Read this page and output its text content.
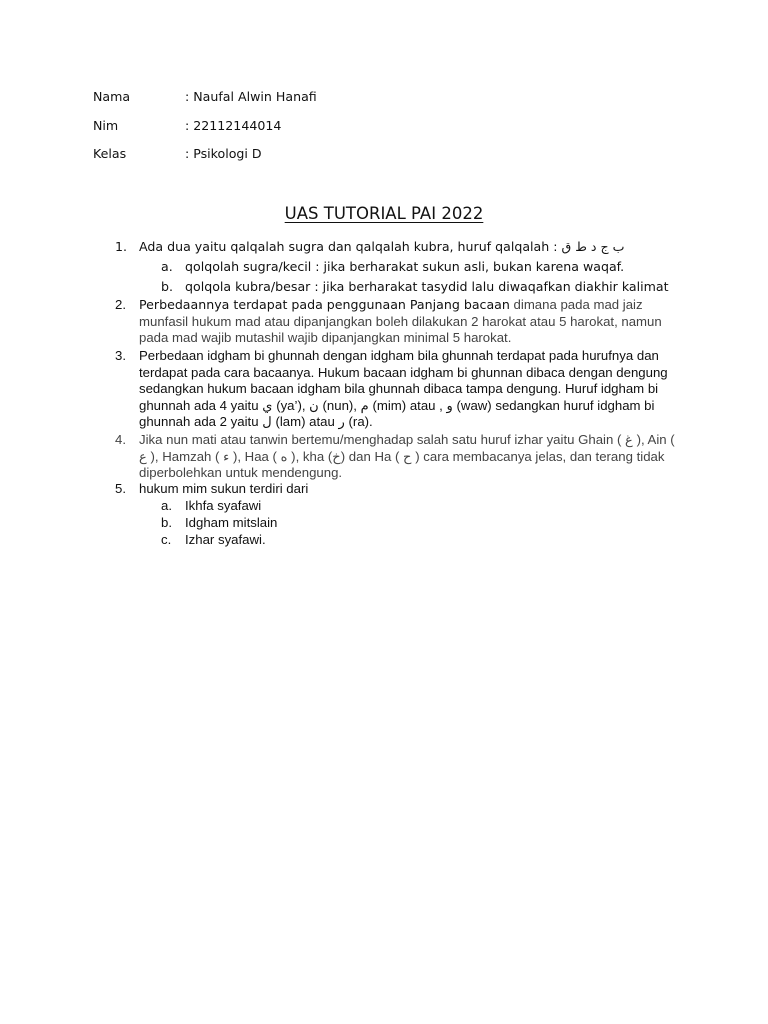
Nama	: Naufal Alwin Hanafi
Nim	: 22112144014
Kelas	: Psikologi D
UAS TUTORIAL PAI 2022
1. Ada dua yaitu qalqalah sugra dan qalqalah kubra, huruf qalqalah : ب ج د ط ق
a. qolqolah sugra/kecil : jika berharakat sukun asli, bukan karena waqaf.
b. qolqola kubra/besar : jika berharakat tasydid lalu diwaqafkan diakhir kalimat
2. Perbedaannya terdapat pada penggunaan Panjang bacaan dimana pada mad jaiz munfasil hukum mad atau dipanjangkan boleh dilakukan 2 harokat atau 5 harokat, namun pada mad wajib mutashil wajib dipanjangkan minimal 5 harokat.
3. Perbedaan idgham bi ghunnah dengan idgham bila ghunnah terdapat pada hurufnya dan terdapat pada cara bacaanya. Hukum bacaan idgham bi ghunnan dibaca dengan dengung sedangkan hukum bacaan idgham bila ghunnah dibaca tampa dengung. Huruf idgham bi ghunnah ada 4 yaitu ي (ya’), ن (nun), م (mim) atau , و (waw) sedangkan huruf idgham bi ghunnah ada 2 yaitu ل (lam) atau ر (ra).
4. Jika nun mati atau tanwin bertemu/menghadap salah satu huruf izhar yaitu Ghain ( غ ), Ain ( ع ), Hamzah ( ء ), Haa ( ه ), kha (خ) dan Ha ( ح ) cara membacanya jelas, dan terang tidak diperbolehkan untuk mendengung.
5. hukum mim sukun terdiri dari
a. Ikhfa syafawi
b. Idgham mitslain
c. Izhar syafawi.
